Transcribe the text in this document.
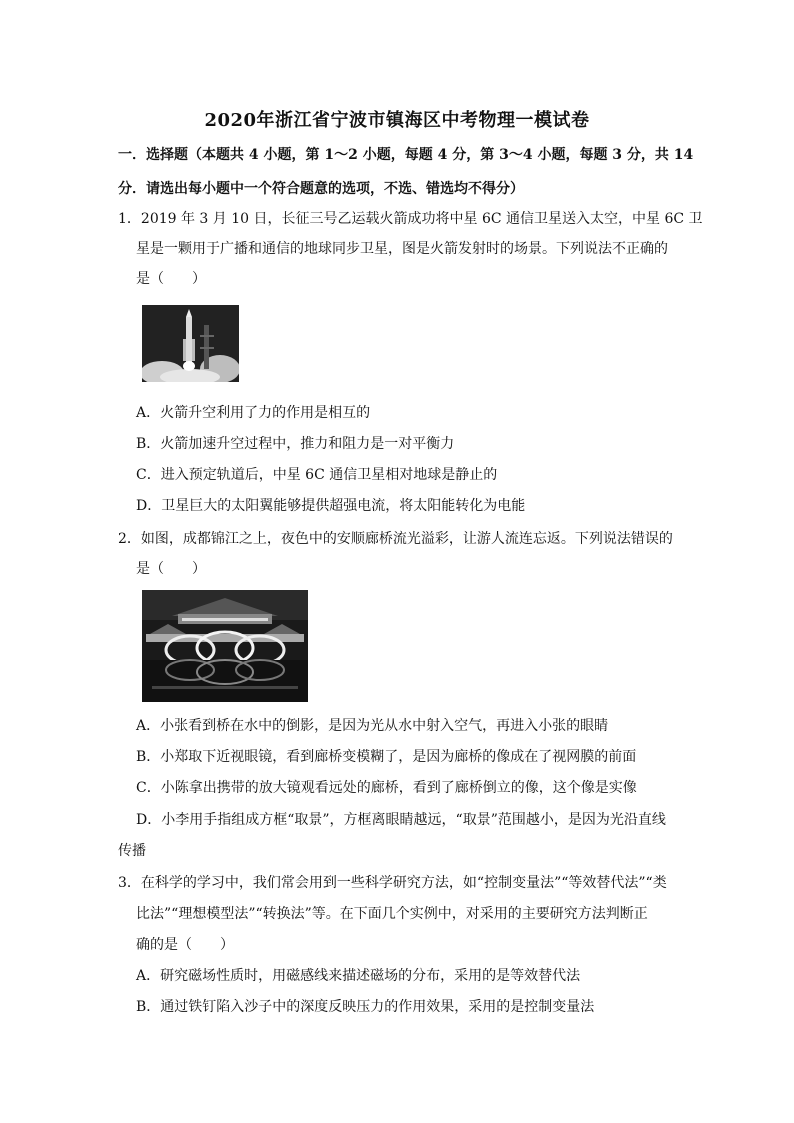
2020年浙江省宁波市镇海区中考物理一模试卷
一．选择题（本题共 4 小题，第 1～2 小题，每题 4 分，第 3～4 小题，每题 3 分，共 14
分．请选出每小题中一个符合题意的选项，不选、错选均不得分）
1．2019 年 3 月 10 日，长征三号乙运载火箭成功将中星 6C 通信卫星送入太空，中星 6C 卫
星是一颗用于广播和通信的地球同步卫星，图是火箭发射时的场景。下列说法不正确的
是（　　）
A．火箭升空利用了力的作用是相互的
B．火箭加速升空过程中，推力和阻力是一对平衡力
C．进入预定轨道后，中星 6C 通信卫星相对地球是静止的
D．卫星巨大的太阳翼能够提供超强电流，将太阳能转化为电能
2．如图，成都锦江之上，夜色中的安顺廊桥流光溢彩，让游人流连忘返。下列说法错误的
是（　　）
A．小张看到桥在水中的倒影，是因为光从水中射入空气，再进入小张的眼睛
B．小郑取下近视眼镜，看到廊桥变模糊了，是因为廊桥的像成在了视网膜的前面
C．小陈拿出携带的放大镜观看远处的廊桥，看到了廊桥倒立的像，这个像是实像
D．小李用手指组成方框“取景”，方框离眼睛越远，“取景”范围越小，是因为光沿直线
传播
3．在科学的学习中，我们常会用到一些科学研究方法，如“控制变量法”“等效替代法”“类
比法”“理想模型法”“转换法”等。在下面几个实例中，对采用的主要研究方法判断正
确的是（　　）
A．研究磁场性质时，用磁感线来描述磁场的分布，采用的是等效替代法
B．通过铁钉陷入沙子中的深度反映压力的作用效果，采用的是控制变量法
